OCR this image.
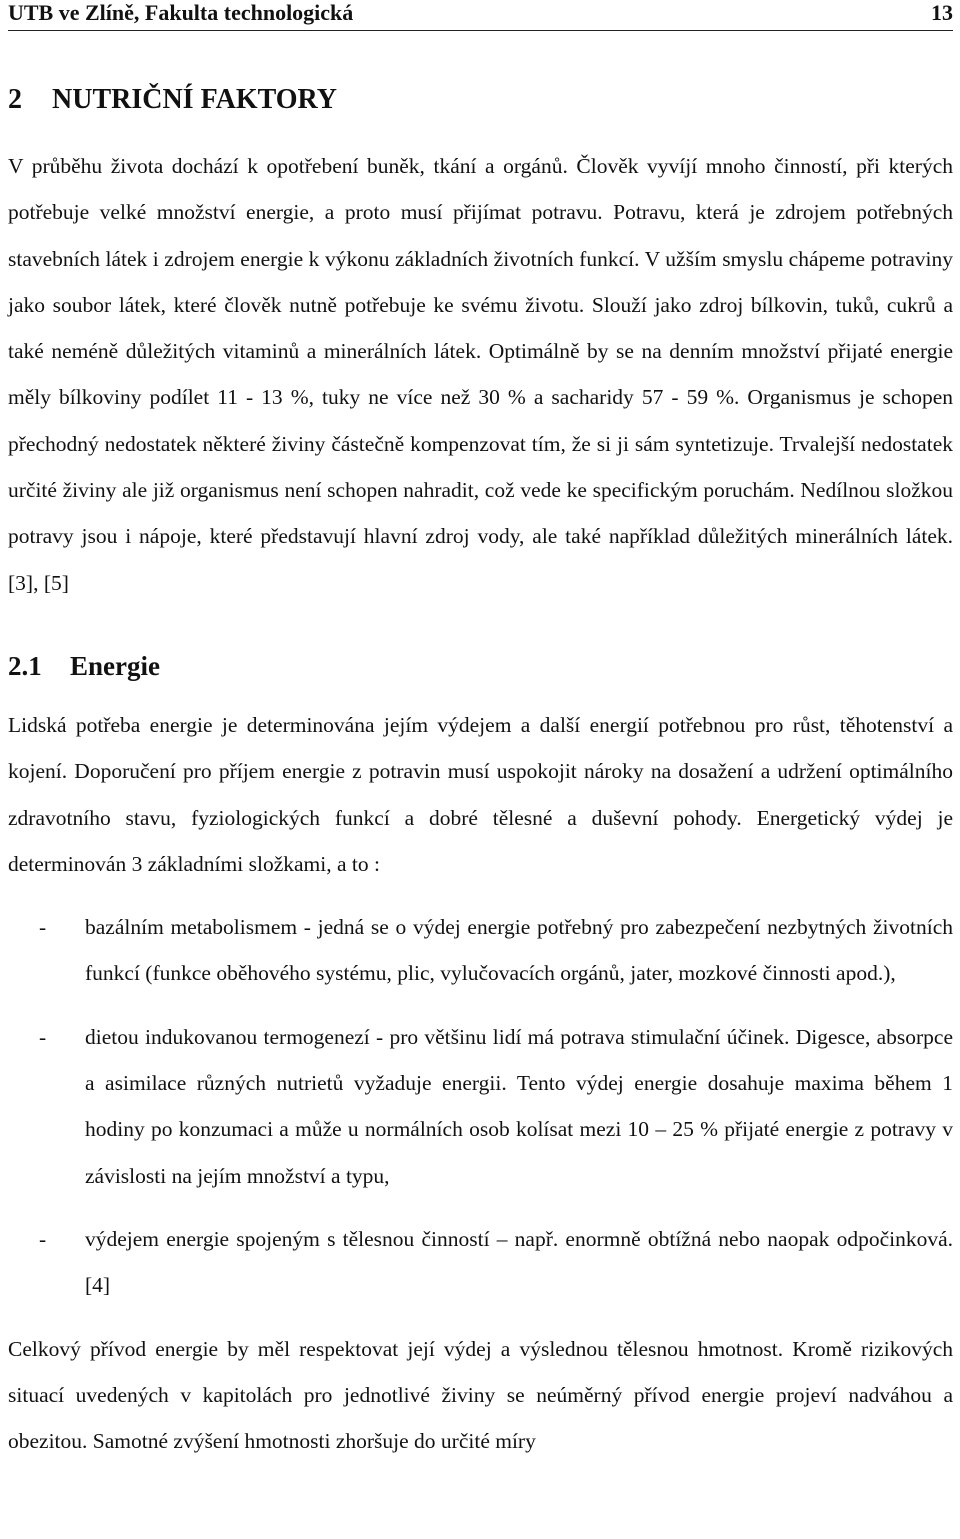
UTB ve Zlíně, Fakulta technologická	13
2 NUTRIČNÍ FAKTORY

V průběhu života dochází k opotřebení buněk, tkání a orgánů. Člověk vyvíjí mnoho činností, při kterých potřebuje velké množství energie, a proto musí přijímat potravu. Potravu, která je zdrojem potřebných stavebních látek i zdrojem energie k výkonu základních životních funkcí. V užším smyslu chápeme potraviny jako soubor látek, které člověk nutně potřebuje ke svému životu. Slouží jako zdroj bílkovin, tuků, cukrů a také neméně důležitých vitaminů a minerálních látek. Optimálně by se na denním množství přijaté energie měly bílkoviny podílet 11 - 13 %, tuky ne více než 30 % a sacharidy 57 - 59 %. Organismus je schopen přechodný nedostatek některé živiny částečně kompenzovat tím, že si ji sám syntetizuje. Trvalejší nedostatek určité živiny ale již organismus není schopen nahradit, což vede ke specifickým poruchám. Nedílnou složkou potravy jsou i nápoje, které představují hlavní zdroj vody, ale také například důležitých minerálních látek. [3], [5]

2.1 Energie

Lidská potřeba energie je determinována jejím výdejem a další energií potřebnou pro růst, těhotenství a kojení. Doporučení pro příjem energie z potravin musí uspokojit nároky na dosažení a udržení optimálního zdravotního stavu, fyziologických funkcí a dobré tělesné a duševní pohody. Energetický výdej je determinován 3 základními složkami, a to :

- bazálním metabolismem - jedná se o výdej energie potřebný pro zabezpečení nezbytných životních funkcí (funkce oběhového systému, plic, vylučovacích orgánů, jater, mozkové činnosti apod.),
- dietou indukovanou termogenezí - pro většinu lidí má potrava stimulační účinek. Digesce, absorpce a asimilace různých nutrietů vyžaduje energii. Tento výdej energie dosahuje maxima během 1 hodiny po konzumaci a může u normálních osob kolísat mezi 10 – 25 % přijaté energie z potravy v závislosti na jejím množství a typu,
- výdejem energie spojeným s tělesnou činností – např. enormně obtížná nebo naopak odpočinková. [4]

Celkový přívod energie by měl respektovat její výdej a výslednou tělesnou hmotnost. Kromě rizikových situací uvedených v kapitolách pro jednotlivé živiny se neúměrný přívod energie projeví nadváhou a obezitou. Samotné zvýšení hmotnosti zhoršuje do určité míry
